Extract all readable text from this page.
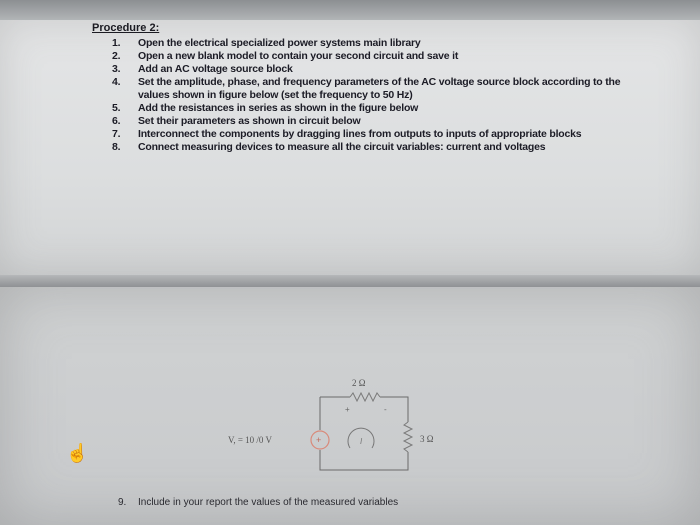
Procedure 2:
1. Open the electrical specialized power systems main library
2. Open a new blank model to contain your second circuit and save it
3. Add an AC voltage source block
4. Set the amplitude, phase, and frequency parameters of the AC voltage source block according to the values shown in figure below (set the frequency to 50 Hz)
5. Add the resistances in series as shown in the figure below
6. Set their parameters as shown in circuit below
7. Interconnect the components by dragging lines from outputs to inputs of appropriate blocks
8. Connect measuring devices to measure all the circuit variables: current and voltages
2 Ω
+	-
3 Ω
+
V, = 10 /0 V	I
☝
9. Include in your report the values of the measured variables
